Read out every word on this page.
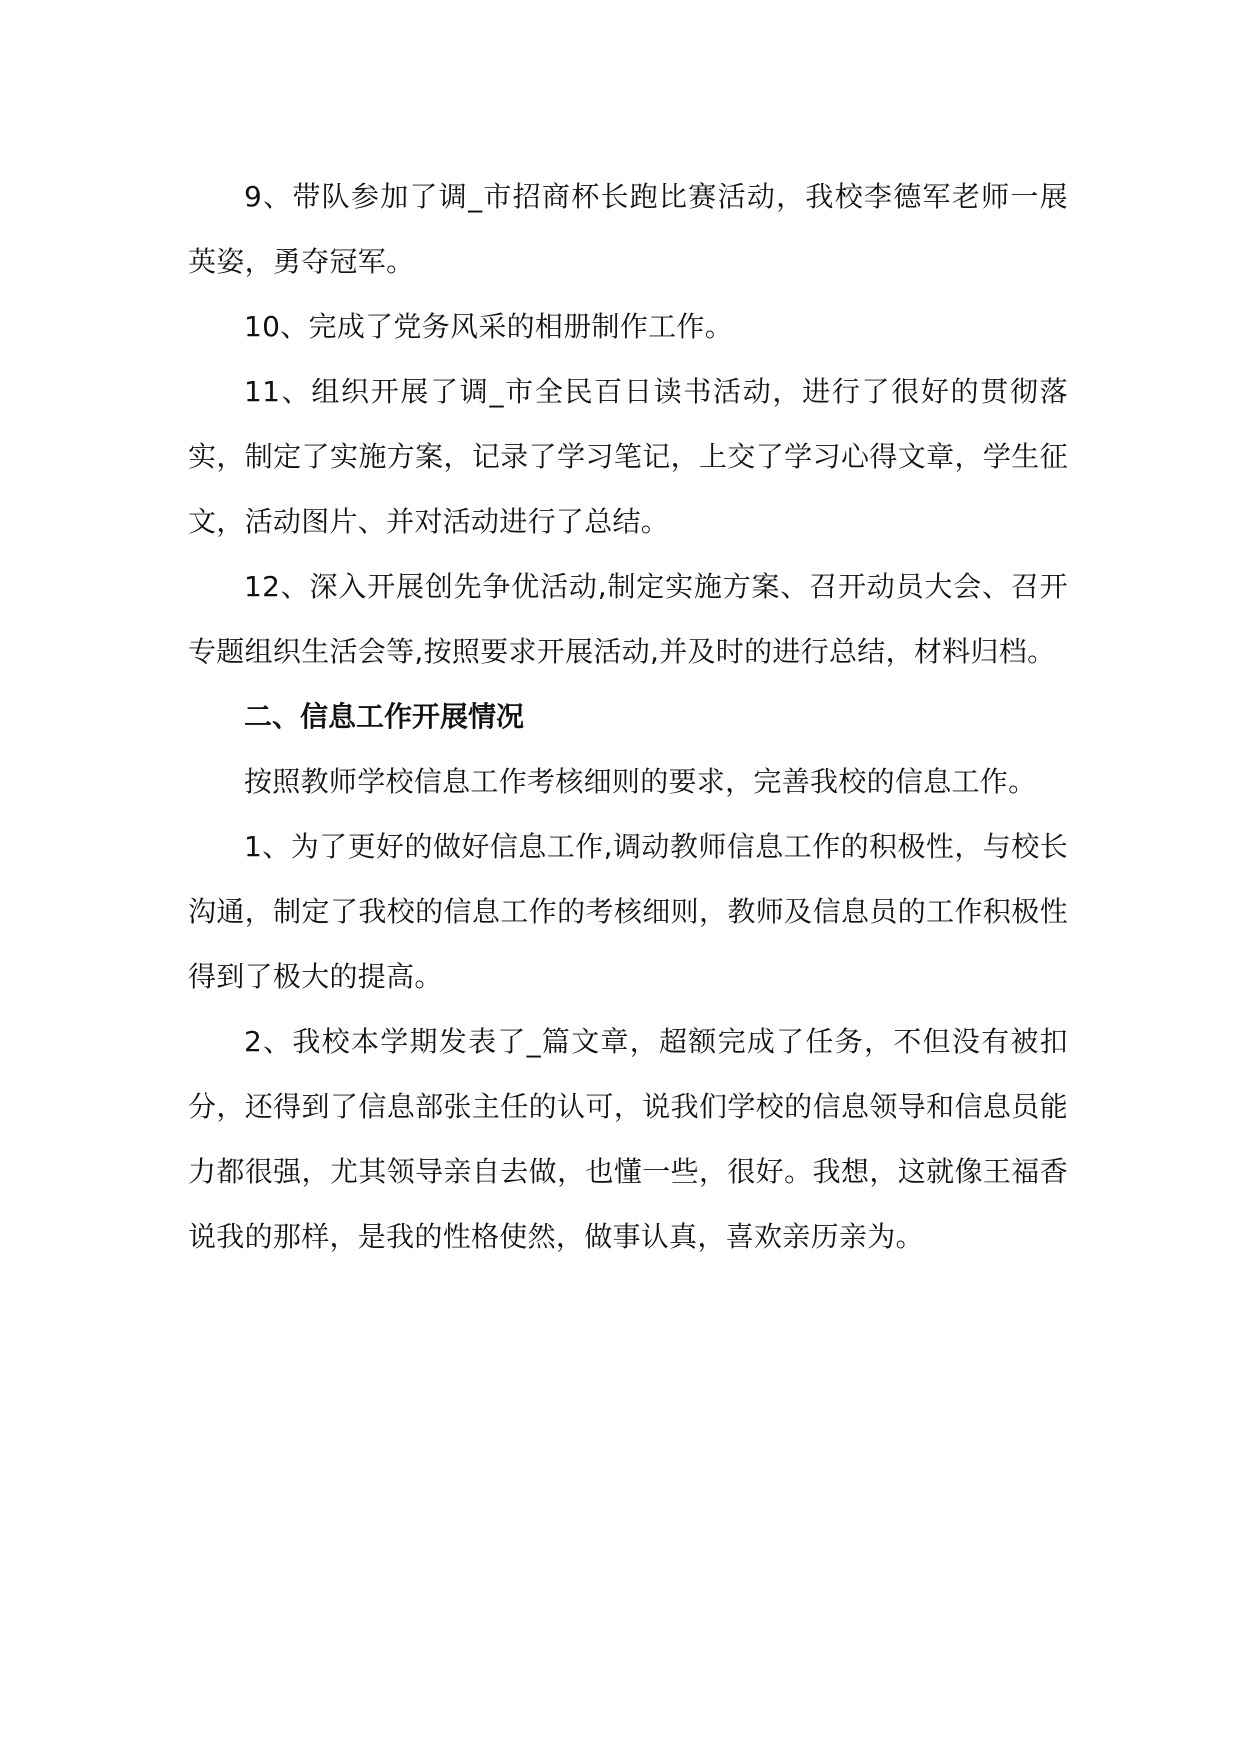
9、带队参加了调_市招商杯长跑比赛活动，我校李德军老师一展英姿，勇夺冠军。

10、完成了党务风采的相册制作工作。

11、组织开展了调_市全民百日读书活动，进行了很好的贯彻落实，制定了实施方案，记录了学习笔记，上交了学习心得文章，学生征文，活动图片、并对活动进行了总结。

12、深入开展创先争优活动,制定实施方案、召开动员大会、召开专题组织生活会等,按照要求开展活动,并及时的进行总结，材料归档。

二、信息工作开展情况

按照教师学校信息工作考核细则的要求，完善我校的信息工作。

1、为了更好的做好信息工作,调动教师信息工作的积极性，与校长沟通，制定了我校的信息工作的考核细则，教师及信息员的工作积极性得到了极大的提高。

2、我校本学期发表了_篇文章，超额完成了任务，不但没有被扣分，还得到了信息部张主任的认可，说我们学校的信息领导和信息员能力都很强，尤其领导亲自去做，也懂一些，很好。我想，这就像王福香说我的那样，是我的性格使然，做事认真，喜欢亲历亲为。
